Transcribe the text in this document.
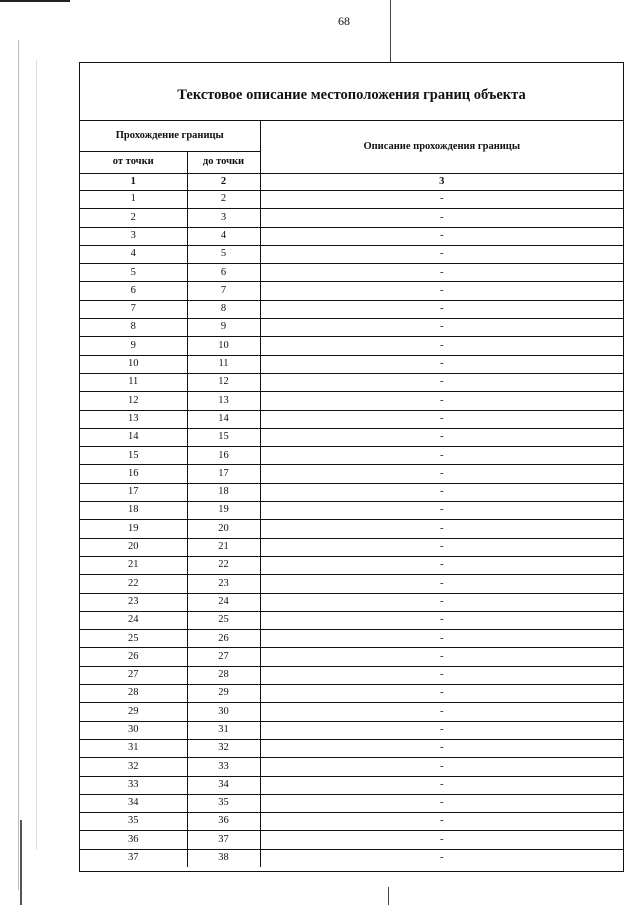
68
Текстовое описание местоположения границ объекта
Прохождение границы		Описание прохождения границы
от точки	до точки	
1	2	3
1	2	-
2	3	-
3	4	-
4	5	-
5	6	-
6	7	-
7	8	-
8	9	-
9	10	-
10	11	-
11	12	-
12	13	-
13	14	-
14	15	-
15	16	-
16	17	-
17	18	-
18	19	-
19	20	-
20	21	-
21	22	-
22	23	-
23	24	-
24	25	-
25	26	-
26	27	-
27	28	-
28	29	-
29	30	-
30	31	-
31	32	-
32	33	-
33	34	-
34	35	-
35	36	-
36	37	-
37	38	-
